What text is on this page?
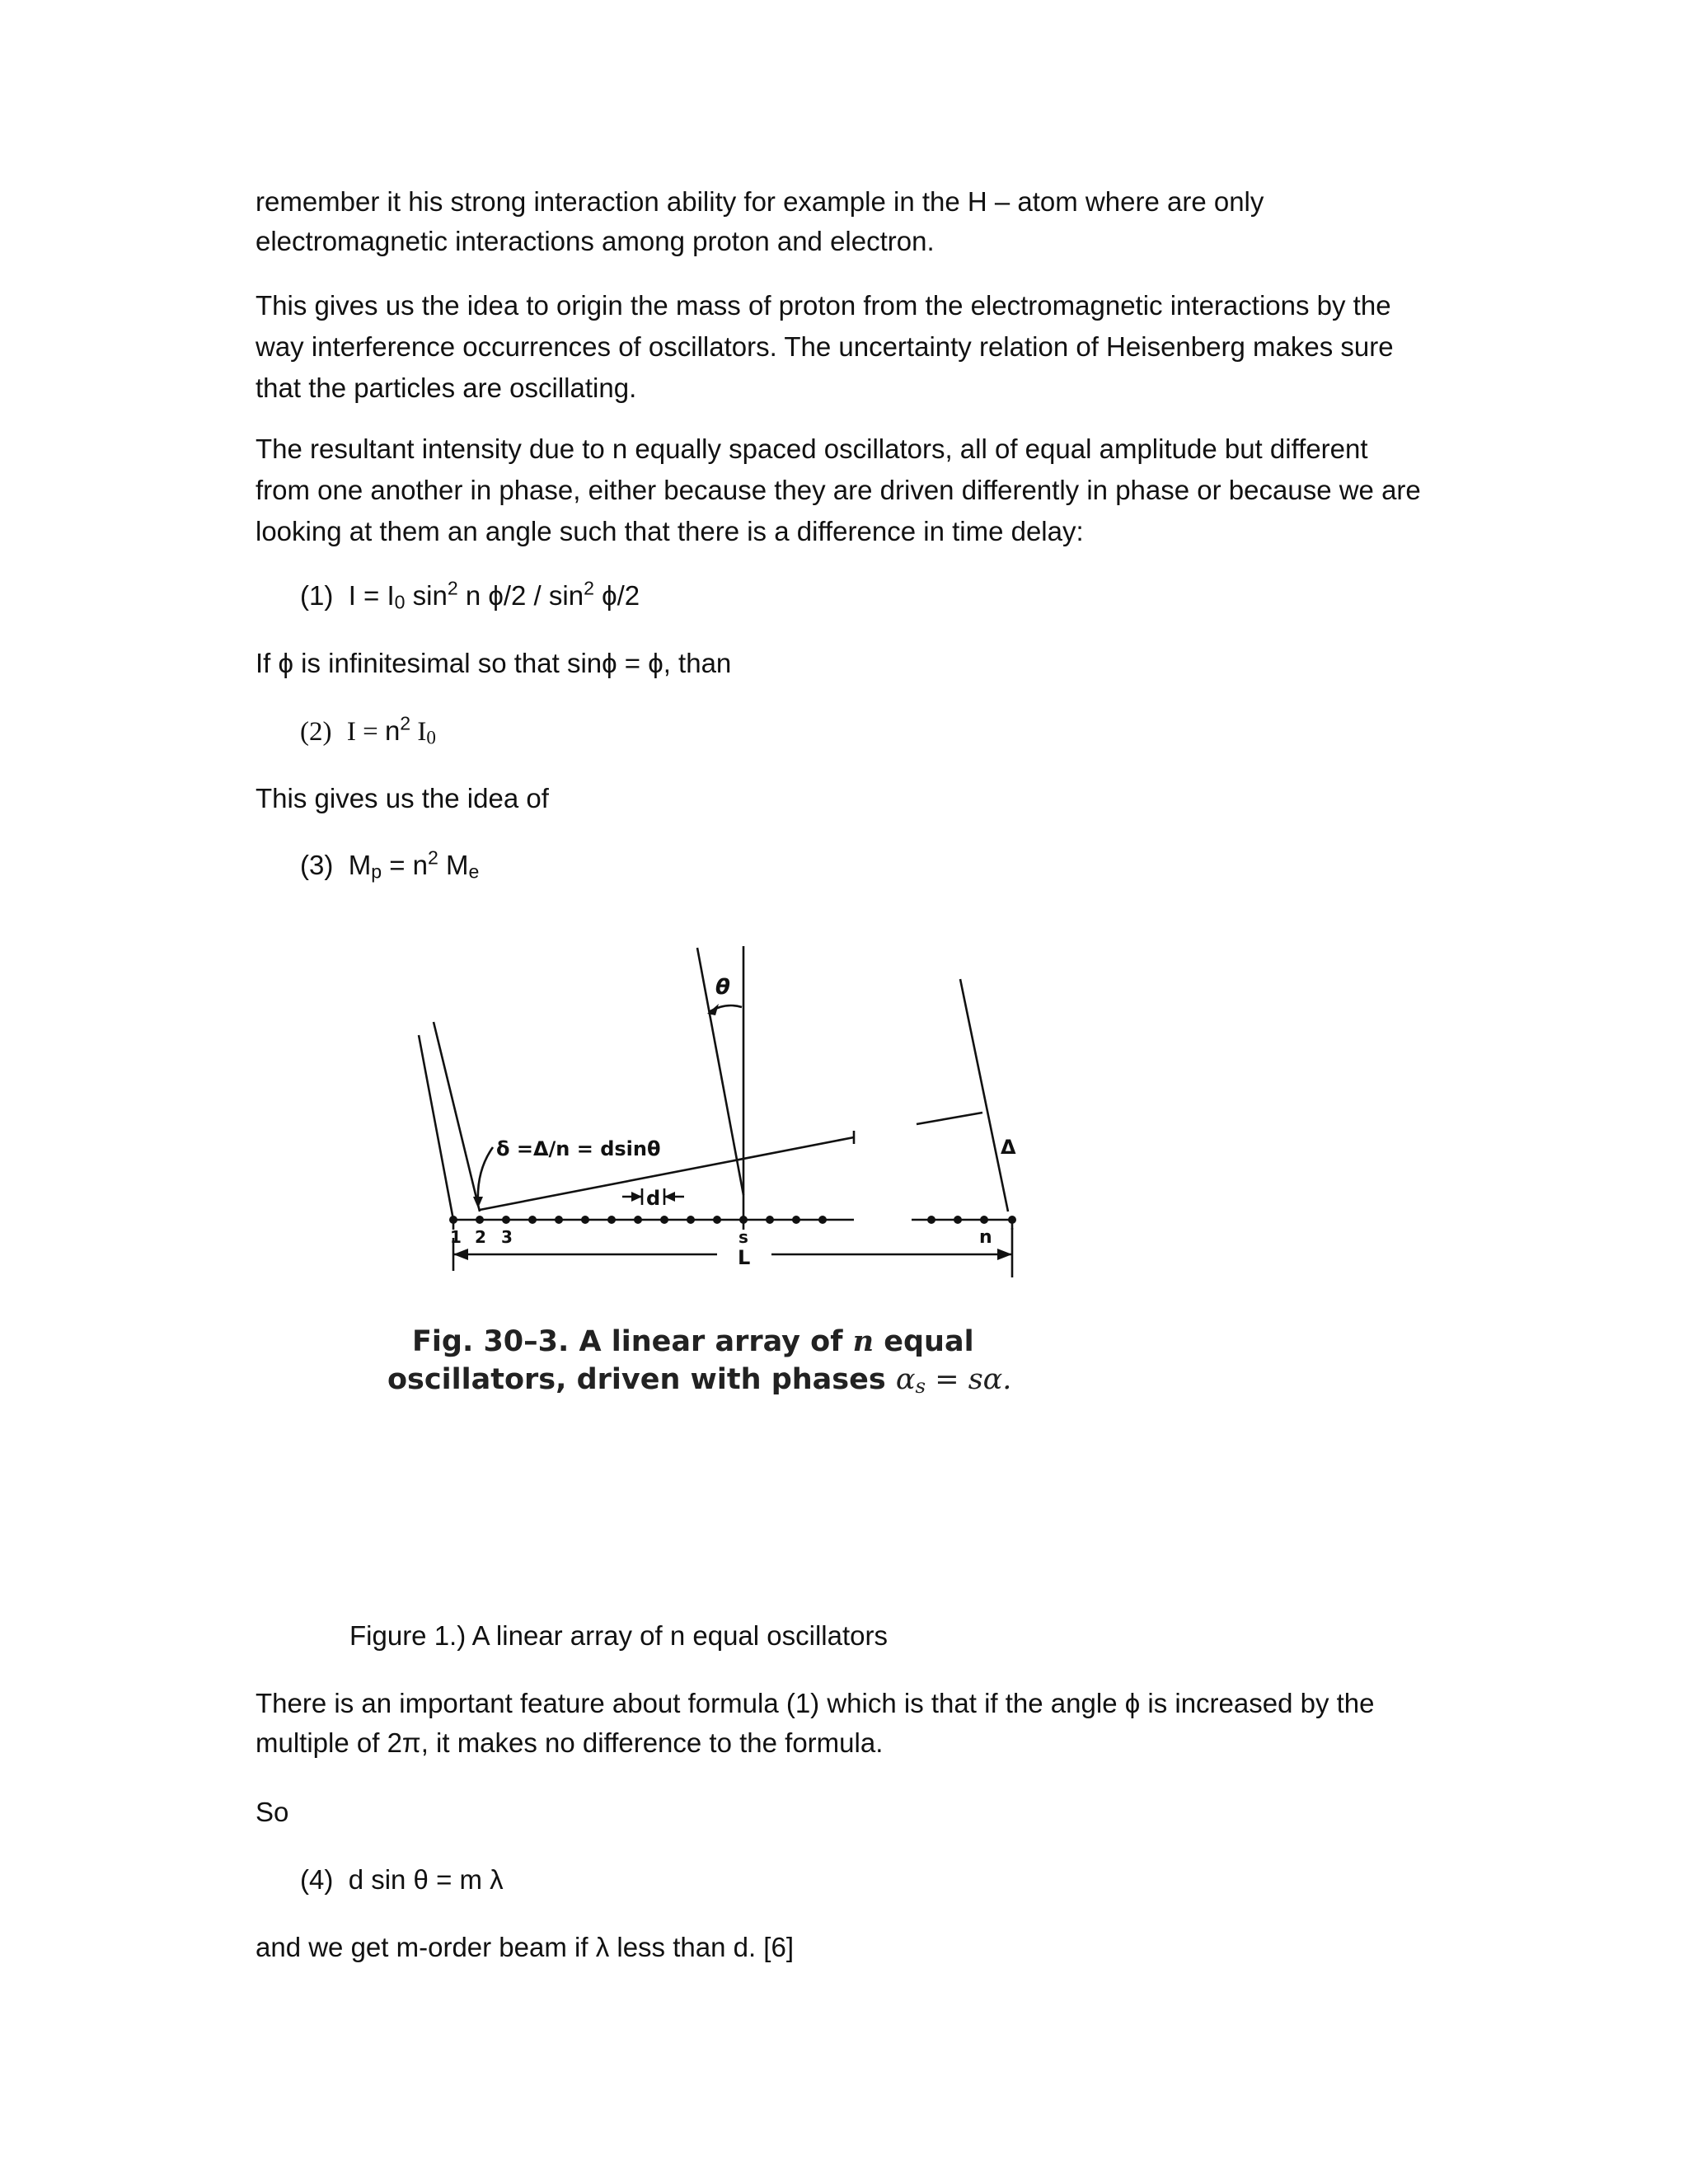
remember it his strong interaction ability for example in the H – atom where are only
electromagnetic interactions among proton and electron.
This gives us the idea to origin the mass of proton from the electromagnetic interactions by the way interference occurrences of oscillators. The uncertainty relation of Heisenberg makes sure that the particles are oscillating.
The resultant intensity due to n equally spaced oscillators, all of equal amplitude but different from one another in phase, either because they are driven differently in phase or because we are looking at them an angle such that there is a difference in time delay:
(1) $I = I_0$ $\sin^2 n$ $\phi/2 / \sin^2 \phi/2$
If ϕ is infinitesimal so that sinϕ = ϕ, than
(2) $I = n^2$ $I_0$
This gives us the idea of
(3) $M_p = n^2$ $M_e$
θ
δ =Δ/n = dsinθ
d
Δ
1 2 3	s	n
L
Fig. 30–3. A linear array of n equal
oscillators, driven with phases $\alpha_s = s\alpha$.
Figure 1.) A linear array of n equal oscillators
There is an important feature about formula (1) which is that if the angle ϕ is increased by the
multiple of 2π, it makes no difference to the formula.
So
(4) d sin θ = m λ
and we get m-order beam if λ less than d. [6]
